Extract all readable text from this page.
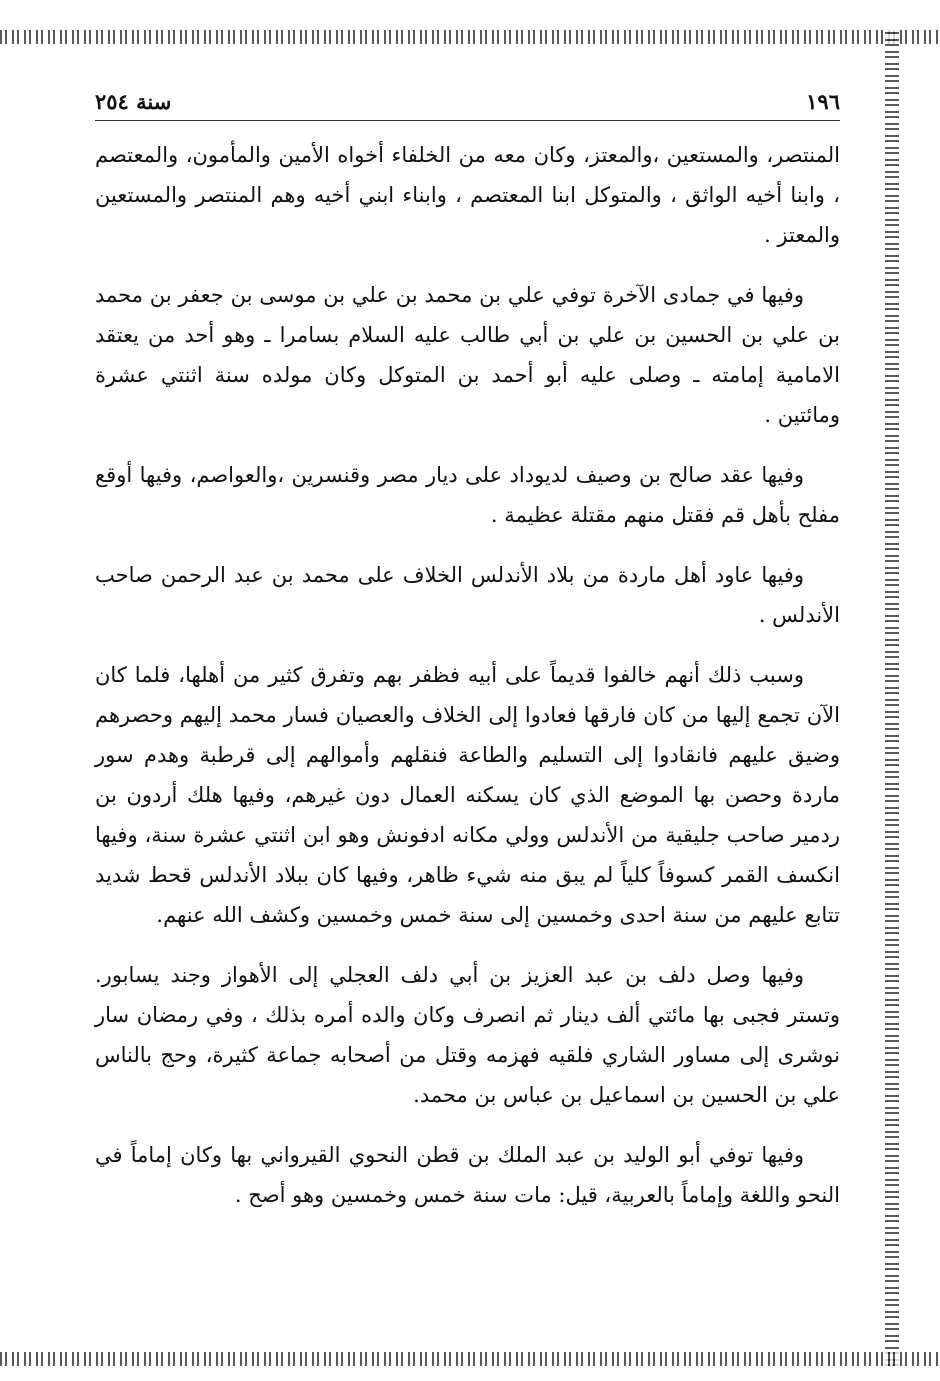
١٩٦
سنة ٢٥٤

المنتصر، والمستعين ،والمعتز، وكان معه من الخلفاء أخواه الأمين والمأمون، والمعتصم ، وابنا أخيه الواثق ، والمتوكل ابنا المعتصم ، وابناء ابني أخيه وهم المنتصر والمستعين والمعتز .

وفيها في جمادى الآخرة توفي علي بن محمد بن علي بن موسى بن جعفر بن محمد بن علي بن الحسين بن علي بن أبي طالب عليه السلام بسامرا ـ وهو أحد من يعتقد الامامية إمامته ـ وصلى عليه أبو أحمد بن المتوكل وكان مولده سنة اثنتي عشرة ومائتين .

وفيها عقد صالح بن وصيف لديوداد على ديار مصر وقنسرين ،والعواصم، وفيها أوقع مفلح بأهل قم فقتل منهم مقتلة عظيمة .

وفيها عاود أهل ماردة من بلاد الأندلس الخلاف على محمد بن عبد الرحمن صاحب الأندلس .

وسبب ذلك أنهم خالفوا قديماً على أبيه فظفر بهم وتفرق كثير من أهلها، فلما كان الآن تجمع إليها من كان فارقها فعادوا إلى الخلاف والعصيان فسار محمد إليهم وحصرهم وضيق عليهم فانقادوا إلى التسليم والطاعة فنقلهم وأموالهم إلى قرطبة وهدم سور ماردة وحصن بها الموضع الذي كان يسكنه العمال دون غيرهم، وفيها هلك أردون بن ردمير صاحب جليقية من الأندلس وولي مكانه ادفونش وهو ابن اثنتي عشرة سنة، وفيها انكسف القمر كسوفاً كلياً لم يبق منه شيء ظاهر، وفيها كان ببلاد الأندلس قحط شديد تتابع عليهم من سنة احدى وخمسين إلى سنة خمس وخمسين وكشف الله عنهم.

وفيها وصل دلف بن عبد العزيز بن أبي دلف العجلي إلى الأهواز وجند يسابور. وتستر فجبى بها مائتي ألف دينار ثم انصرف وكان والده أمره بذلك ، وفي رمضان سار نوشرى إلى مساور الشاري فلقيه فهزمه وقتل من أصحابه جماعة كثيرة، وحج بالناس علي بن الحسين بن اسماعيل بن عباس بن محمد.

وفيها توفي أبو الوليد بن عبد الملك بن قطن النحوي القيرواني بها وكان إماماً في النحو واللغة وإماماً بالعربية، قيل: مات سنة خمس وخمسين وهو أصح .
